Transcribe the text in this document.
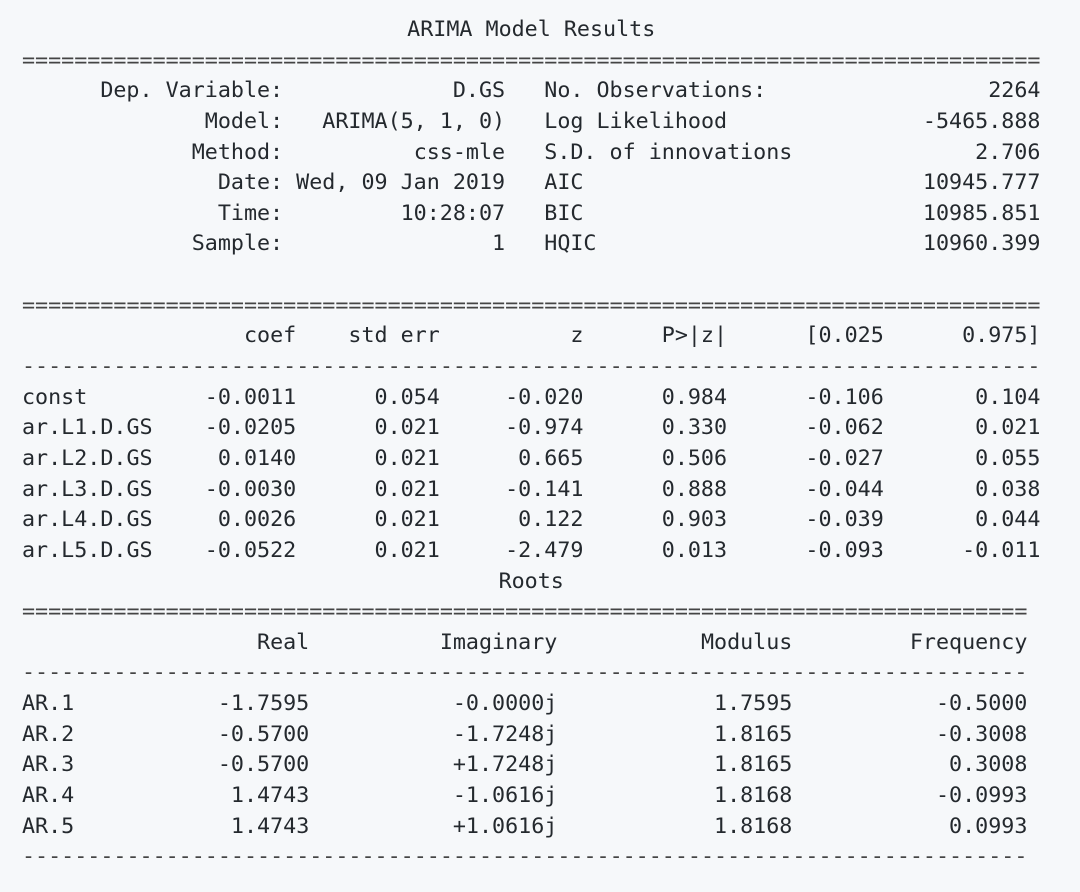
ARIMA Model Results
==============================================================================
Dep. Variable:	D.GS No. Observations:	2264
Model:	ARIMA(5, 1, 0) Log Likelihood	-5465.888
Method:	css-mle S.D. of innovations	2.706
Date: Wed, 09 Jan 2019 AIC	10945.777
Time:	10:28:07 BIC	10985.851
Sample:	1 HQIC	10960.399
==============================================================================
coef	std err	z	P>|z|	[0.025	0.975]
------------------------------------------------------------------------------
const	-0.0011	0.054	-0.020	0.984	-0.106	0.104
ar.L1.D.GS	-0.0205	0.021	-0.974	0.330	-0.062	0.021
ar.L2.D.GS	0.0140	0.021	0.665	0.506	-0.027	0.055
ar.L3.D.GS	-0.0030	0.021	-0.141	0.888	-0.044	0.038
ar.L4.D.GS	0.0026	0.021	0.122	0.903	-0.039	0.044
ar.L5.D.GS	-0.0522	0.021	-2.479	0.013	-0.093	-0.011
Roots
=============================================================================
Real	Imaginary	Modulus	Frequency
-----------------------------------------------------------------------------
AR.1	-1.7595	-0.0000j	1.7595	-0.5000
AR.2	-0.5700	-1.7248j	1.8165	-0.3008
AR.3	-0.5700	+1.7248j	1.8165	0.3008
AR.4	1.4743	-1.0616j	1.8168	-0.0993
AR.5	1.4743	+1.0616j	1.8168	0.0993
-----------------------------------------------------------------------------
